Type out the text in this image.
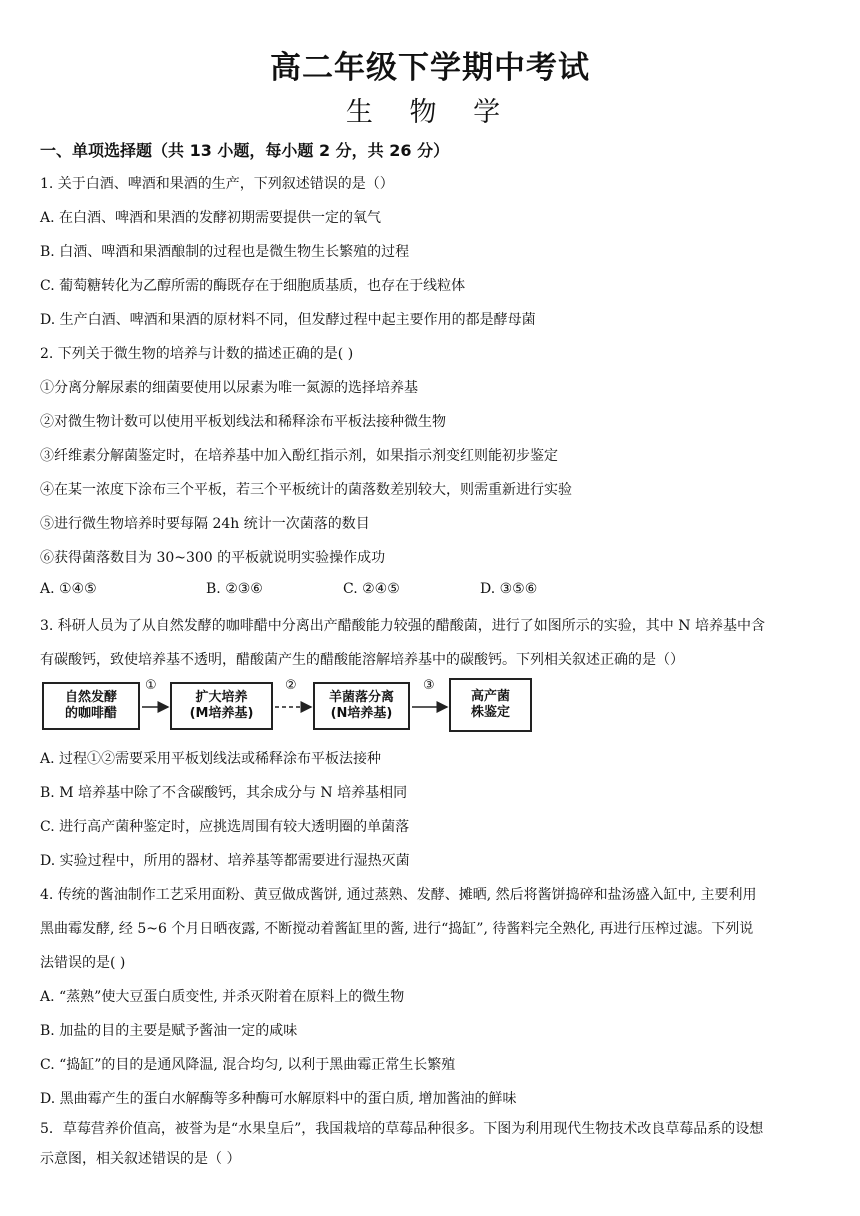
高二年级下学期中考试
生 物 学
一、单项选择题（共 13 小题，每小题 2 分，共 26 分）
1. 关于白酒、啤酒和果酒的生产，下列叙述错误的是（）
A. 在白酒、啤酒和果酒的发酵初期需要提供一定的氧气
B. 白酒、啤酒和果酒酿制的过程也是微生物生长繁殖的过程
C. 葡萄糖转化为乙醇所需的酶既存在于细胞质基质，也存在于线粒体
D. 生产白酒、啤酒和果酒的原材料不同，但发酵过程中起主要作用的都是酵母菌
2. 下列关于微生物的培养与计数的描述正确的是( )
①分离分解尿素的细菌要使用以尿素为唯一氮源的选择培养基
②对微生物计数可以使用平板划线法和稀释涂布平板法接种微生物
③纤维素分解菌鉴定时，在培养基中加入酚红指示剂，如果指示剂变红则能初步鉴定
④在某一浓度下涂布三个平板，若三个平板统计的菌落数差别较大，则需重新进行实验
⑤进行微生物培养时要每隔 24h 统计一次菌落的数目
⑥获得菌落数目为 30~300 的平板就说明实验操作成功
A. ①④⑤	B. ②③⑥	C. ②④⑤	D. ③⑤⑥
3. 科研人员为了从自然发酵的咖啡醋中分离出产醋酸能力较强的醋酸菌，进行了如图所示的实验，其中 N 培养基中含
有碳酸钙，致使培养基不透明，醋酸菌产生的醋酸能溶解培养基中的碳酸钙。下列相关叙述正确的是（）
自然发酵
的咖啡醋
①
扩大培养
(M培养基)
②
羊菌落分离
(N培养基)
③
高产菌
株鉴定
A. 过程①②需要采用平板划线法或稀释涂布平板法接种
B. M 培养基中除了不含碳酸钙，其余成分与 N 培养基相同
C. 进行高产菌种鉴定时，应挑选周围有较大透明圈的单菌落
D. 实验过程中，所用的器材、培养基等都需要进行湿热灭菌
4. 传统的酱油制作工艺采用面粉、黄豆做成酱饼, 通过蒸熟、发酵、摊晒, 然后将酱饼捣碎和盐汤盛入缸中, 主要利用
黑曲霉发酵, 经 5~6 个月日晒夜露, 不断搅动着酱缸里的酱, 进行“捣缸”, 待酱料完全熟化, 再进行压榨过滤。下列说
法错误的是( )
A. “蒸熟”使大豆蛋白质变性, 并杀灭附着在原料上的微生物
B. 加盐的目的主要是赋予酱油一定的咸味
C. “捣缸”的目的是通风降温, 混合均匀, 以利于黑曲霉正常生长繁殖
D. 黑曲霉产生的蛋白水解酶等多种酶可水解原料中的蛋白质, 增加酱油的鲜味
5．草莓营养价值高，被誉为是“水果皇后”，我国栽培的草莓品种很多。下图为利用现代生物技术改良草莓品系的设想
示意图，相关叙述错误的是（ ）
